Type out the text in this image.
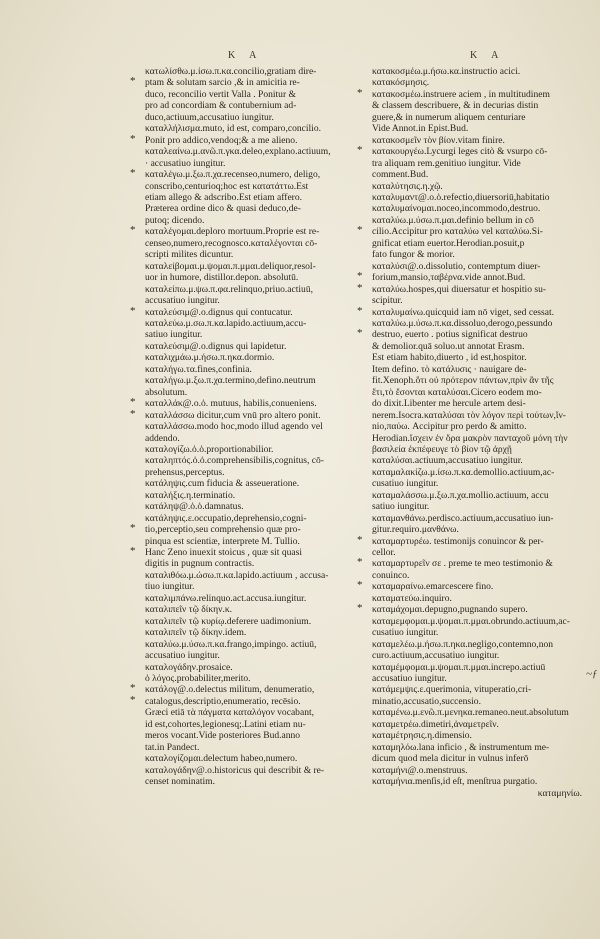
K A	K A
κατωλίσθω.μ.ίσω.π.κα.concilio,gratiam dire-
* ptam & solutam sarcio ,& in amicitia re-
duco, reconcilio vertit Valla . Ponitur &
pro ad concordiam & contubernium ad-
duco,actiuum,accusatiuo iungitur.
καταλλήλισμα.muto, id est, comparo,concilio.
* Ponit pro addico,vendoq;& a me alieno.
καταλεαίνω.μ.ανῶ.π.γκα.deleo,explano.actiuum,
· accusatiuo iungitur.
* καταλέγω.μ.ξω.π.χα.recenseo,numero, deligo,
conscribo,centurioq;hoc est κατατάττω.Est
etiam allego & adscribo.Est etiam affero.
Præterea ordine dico & quasi deduco,de-
putoq; dicendo.
* καταλέγομαι.deploro mortuum.Proprie est re-
censeo,numero,recognosco.καταλέγονται cō-
scripti milites dicuntur.
καταλείβομαι.μ.ψομαι.π.μμαι.deliquor,resol-
uor in humore, distillor.depon. absolutū.
καταλείπω.μ.ψω.π.φα.relinquo,priuo.actiuū,
accusatiuo iungitur.
* καταλεύσιμ@.ο.dignus qui contucatur.
καταλεύω.μ.σω.π.κα.lapido.actiuum,accu-
satiuo iungitur.
καταλεύσιμ@.ο.dignus qui lapidetur.
καταλιχμάω.μ.ήσω.π.ηκα.dormio.
καταλήγω.τα.fines,confinia.
καταλήγω.μ.ξω.π.χα.termino,defino.neutrum
absolutum.
* καταλλάκ@.ο.ὁ. mutuus, habilis,conueniens.
* καταλλάσσω dicitur,cum vnū pro altero ponit.
καταλλάσσω.modo hoc,modo illud agendo vel
addendo.
καταλογίζω.ὁ.ὁ.proportionabilior.
καταληπτός.ὁ.ὁ.comprehensibilis,cognitus, cō-
prehensus,perceptus.
κατάληψις.cum fiducia & asseueratione.
καταλήξις.η.terminatio.
κατάληψ@.ὁ.ὁ.damnatus.
κατάληψις.ε.occupatio,deprehensio,cogni-
* tio,perceptio,seu comprehensio quæ pro-
pinqua est scientiæ, interprete M. Tullio.
* Hanc Zeno inuexit stoicus , quæ sit quasi
digitis in pugnum contractis.
καταλιθόω.μ.ώσω.π.κα.lapido.actiuum , accusa-
tiuo iungitur.
καταλιμπάνω.relinquo.act.accusa.iungitur.
καταλιπεῖν τῷ δίκην.κ.
καταλιπεῖν τῷ κυρίῳ.deferere uadimonium.
καταλιπεῖν τῷ δίκην.idem.
καταλύω.μ.ύσω.π.κα.frango,impingo. actiuū,
accusatiuo iungitur.
καταλογάδην.prosaice.
ὁ λόγος.probabiliter,merito.
* κατάλογ@.ο.delectus militum, denumeratio,
* catalogus,descriptio,enumeratio, recēsio.
Græci etiā τὰ πάγματα καταλόγον vocabant,
id est,cohortes,legionesq;.Latini etiam nu-
meros vocant.Vide posteriores Bud.anno
tat.in Pandect.
καταλογίζομαι.delectum habeo,numero.
καταλογάδην@.ο.historicus qui describit & re-
censet nominatim.
κατακοσμέω.μ.ήσω.κα.instructio acici.
κατακόσμησις.
* κατακοσμέω.instruere aciem , in multitudinem
& classem describuere, & in decurias distin
guere,& in numerum aliquem centuriare
Vide Annot.in Epist.Bud.
κατακοσμεῖν τὸν βίον.vitam finire.
* κατακουργέω.Lycurgi leges citò & vsurpo cō-
tra aliquam rem.genitiuo iungitur. Vide
comment.Bud.
καταλύτησις.η.χῷ.
καταλυμαντ@.ο.ὁ.refectio,diuersoriū,habitatio
καταλυμαίνομαι.noceo,incommodo,destruo.
καταλύω.μ.ύσω.π.μαι.definio bellum in cō
* cilio.Accipitur pro καταλύω vel καταλύω.Si-
gnificat etiam euertor.Herodian.posuit,p
fato fungor & morior.
καταλύσι@.ο.dissolutio, contemptum diuer-
* forium,mansio,ταβέρνα.vide annot.Bud.
* καταλύω.hospes,qui diuersatur et hospitio su-
scipitur.
* καταλυμαίνω.quicquid iam nō viget, sed cessat.
καταλύω.μ.ύσω.π.κα.dissoluo,derogo,pessundo
* destruo, euerto . potius significat destruo
& demolior.quā soluo.ut annotat Erasm.
Est etiam habito,diuerto , id est,hospitor.
Item defino. τὸ κατάλυσις · nauigare de-
fit.Xenoph.ὅτι οὐ πρότερον πάντων,πρὶν ἂν τῆς
ἔτι,τὸ ἔσονται καταλύσαι.Cicero eodem mo-
do dixit.Libenter me hercule artem desi-
nerem.Isocra.καταλύσαι τὸν λόγον περὶ τούτων,ἵν-
nio,παύω. Accipitur pro perdo & amitto.
Herodian.ἴσχειν ἐν ὅρα μακρὸν πανταχοῦ μόνη τὴν
βασιλεία ἐκπέφευγε τὸ βίον τῷ ἀρχῇ
καταλύσαι.actiuum,accusatiuo iungitur.
καταμαλακίζω.μ.ίσω.π.κα.demollio.actiuum,ac-
cusatiuo iungitur.
καταμαλάσσω.μ.ξω.π.χα.mollio.actiuum, accu
satiuo iungitur.
καταμανθάνω.perdisco.actiuum,accusatiuo iun-
gitur.requiro.μανθάνω.
* καταμαρτυρέω. testimonijs conuincor & per-
cellor.
* καταμαρτυρεῖν σε . preme te meo testimonio &
conuinco.
* καταμαραίνω.emarcescere fino.
καταματεύω.inquiro.
* καταμάχομαι.depugno,pugnando supero.
καταμεμφομαι.μ.ψομαι.π.μμαι.obrundo.actiuum,ac-
cusatiuo iungitur.
καταμελέω.μ.ήσω.π.ηκα.negligo,contemno,non
curo.actiuum,accusatiuo iungitur.
καταμέμφομαι.μ.ψομαι.π.μμαι.increpo.actiuū
accusatiuo iungitur.
κατάμεμψις.ε.querimonia, vituperatio,cri-
minatio,accusatio,succensio.
καταμένω.μ.ενῶ.π.μενηκα.remaneo.neut.absolutum
καταμετρέω.dimetiri,ἀναμετρεῖν.
καταμέτρησις.η.dimensio.
καταμηλόω.lana inficio , & instrumentum me-
dicum quod mela dicitur in vulnus inferō
καταμήνι@.ο.menstruus.
καταμήνια.menſis,id eſt, menſtrua purgatio.
καταμηνίω.
~ƒ
